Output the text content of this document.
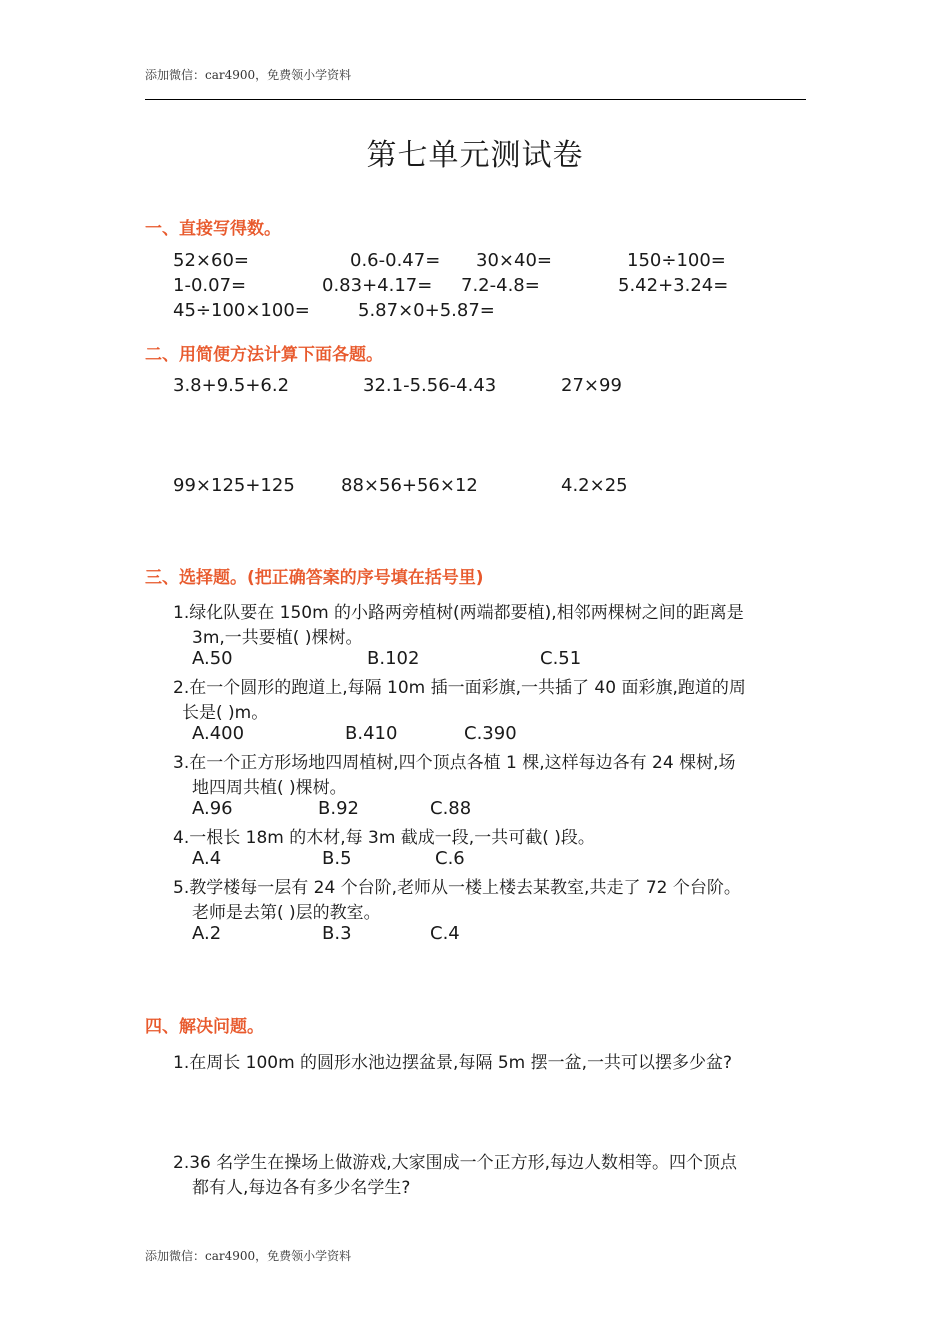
添加微信：car4900，免费领小学资料
第七单元测试卷
一、直接写得数。
52×60=	0.6-0.47= 30×40=	150÷100=
1-0.07=	0.83+4.17= 7.2-4.8=	5.42+3.24=
45÷100×100=	5.87×0+5.87=
二、用简便方法计算下面各题。
3.8+9.5+6.2	32.1-5.56-4.43	27×99
99×125+125	88×56+56×12	4.2×25
三、选择题。(把正确答案的序号填在括号里)
1.绿化队要在 150m 的小路两旁植树(两端都要植),相邻两棵树之间的距离是
3m,一共要植( )棵树。
A.50	B.102	C.51
2.在一个圆形的跑道上,每隔 10m 插一面彩旗,一共插了 40 面彩旗,跑道的周
长是( )m。
A.400	B.410	C.390
3.在一个正方形场地四周植树,四个顶点各植 1 棵,这样每边各有 24 棵树,场
地四周共植( )棵树。
A.96	B.92	C.88
4.一根长 18m 的木材,每 3m 截成一段,一共可截( )段。
A.4	B.5	C.6
5.教学楼每一层有 24 个台阶,老师从一楼上楼去某教室,共走了 72 个台阶。
老师是去第( )层的教室。
A.2	B.3	C.4
四、解决问题。
1.在周长 100m 的圆形水池边摆盆景,每隔 5m 摆一盆,一共可以摆多少盆?
2.36 名学生在操场上做游戏,大家围成一个正方形,每边人数相等。四个顶点
都有人,每边各有多少名学生?
添加微信：car4900，免费领小学资料
